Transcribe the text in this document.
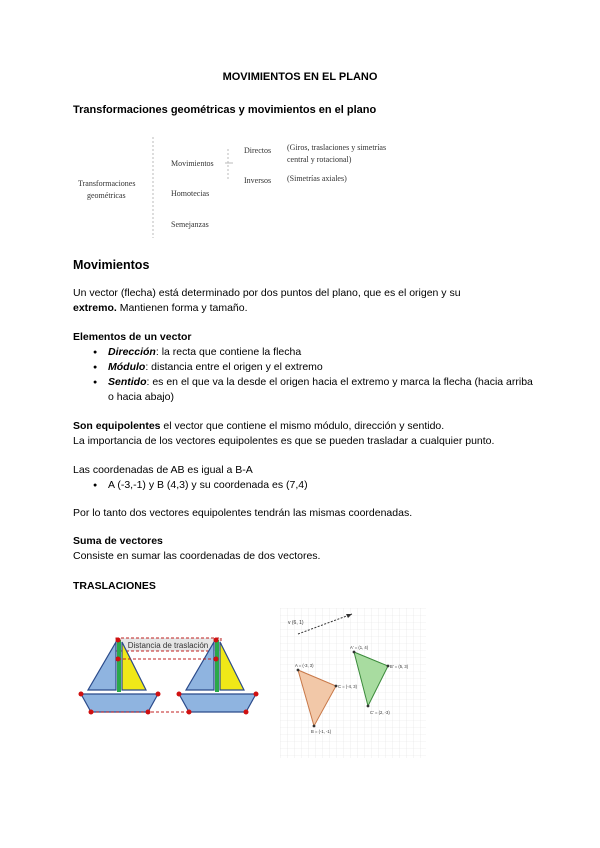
MOVIMIENTOS EN EL PLANO
Transformaciones geométricas y movimientos en el plano
Transformaciones
geométricas
Movimientos
Homotecias
Semejanzas
Directos
Inversos
(Giros, traslaciones y simetrías
central y rotacional)
(Simetrías axiales)
Movimientos
Un vector (flecha) está determinado por dos puntos del plano, que es el origen y su
extremo. Mantienen forma y tamaño.
Elementos de un vector
● Dirección: la recta que contiene la flecha
● Módulo: distancia entre el origen y el extremo
● Sentido: es en el que va la desde el origen hacia el extremo y marca la flecha (hacia arriba o hacia abajo)
Son equipolentes el vector que contiene el mismo módulo, dirección y sentido.
La importancia de los vectores equipolentes es que se pueden trasladar a cualquier punto.
Las coordenadas de AB es igual a B-A
● A (-3,-1) y B (4,3) y su coordenada es (7,4)
Por lo tanto dos vectores equipolentes tendrán las mismas coordenadas.
Suma de vectores
Consiste en sumar las coordenadas de dos vectores.
TRASLACIONES
Distancia de traslación
v (6, 1)
A = (-3, 3)
C = (-4, 3)
B = (-1, -1)
A' = (1, 4)
B' = (5, 3)
C' = (2, -3)
